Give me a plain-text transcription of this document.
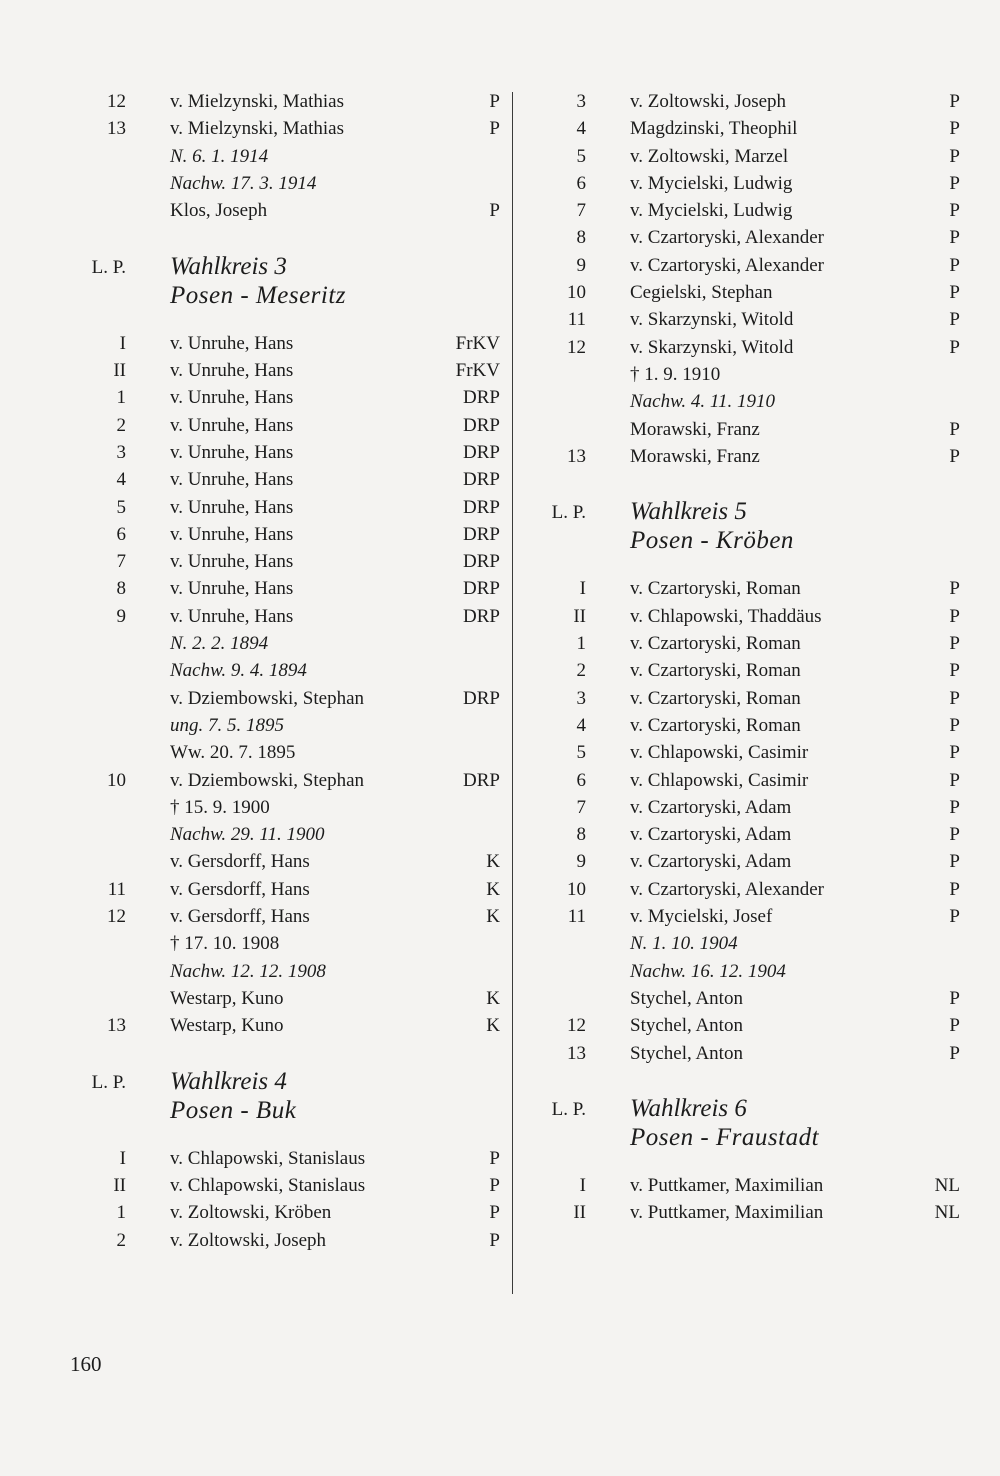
12 v. Mielzynski, Mathias	P
13 v. Mielzynski, Mathias	P
N. 6. 1. 1914
Nachw. 17. 3. 1914
Klos, Joseph	P
L. P. Wahlkreis 3
Posen - Meseritz
I v. Unruhe, Hans	FrKV
II v. Unruhe, Hans	FrKV
1 v. Unruhe, Hans	DRP
2 v. Unruhe, Hans	DRP
3 v. Unruhe, Hans	DRP
4 v. Unruhe, Hans	DRP
5 v. Unruhe, Hans	DRP
6 v. Unruhe, Hans	DRP
7 v. Unruhe, Hans	DRP
8 v. Unruhe, Hans	DRP
9 v. Unruhe, Hans	DRP
N. 2. 2. 1894
Nachw. 9. 4. 1894
v. Dziembowski, Stephan	DRP
ung. 7. 5. 1895
Ww. 20. 7. 1895
10 v. Dziembowski, Stephan	DRP
† 15. 9. 1900
Nachw. 29. 11. 1900
v. Gersdorff, Hans	K
11 v. Gersdorff, Hans	K
12 v. Gersdorff, Hans	K
† 17. 10. 1908
Nachw. 12. 12. 1908
Westarp, Kuno	K
13 Westarp, Kuno	K
L. P. Wahlkreis 4
Posen - Buk
I v. Chlapowski, Stanislaus	P
II v. Chlapowski, Stanislaus	P
1 v. Zoltowski, Kröben	P
2 v. Zoltowski, Joseph	P
3 v. Zoltowski, Joseph	P
4 Magdzinski, Theophil	P
5 v. Zoltowski, Marzel	P
6 v. Mycielski, Ludwig	P
7 v. Mycielski, Ludwig	P
8 v. Czartoryski, Alexander	P
9 v. Czartoryski, Alexander	P
10 Cegielski, Stephan	P
11 v. Skarzynski, Witold	P
12 v. Skarzynski, Witold	P
† 1. 9. 1910
Nachw. 4. 11. 1910
Morawski, Franz	P
13 Morawski, Franz	P
L. P. Wahlkreis 5
Posen - Kröben
I v. Czartoryski, Roman	P
II v. Chlapowski, Thaddäus	P
1 v. Czartoryski, Roman	P
2 v. Czartoryski, Roman	P
3 v. Czartoryski, Roman	P
4 v. Czartoryski, Roman	P
5 v. Chlapowski, Casimir	P
6 v. Chlapowski, Casimir	P
7 v. Czartoryski, Adam	P
8 v. Czartoryski, Adam	P
9 v. Czartoryski, Adam	P
10 v. Czartoryski, Alexander	P
11 v. Mycielski, Josef	P
N. 1. 10. 1904
Nachw. 16. 12. 1904
Stychel, Anton	P
12 Stychel, Anton	P
13 Stychel, Anton	P
L. P. Wahlkreis 6
Posen - Fraustadt
I v. Puttkamer, Maximilian	NL
II v. Puttkamer, Maximilian	NL
160
